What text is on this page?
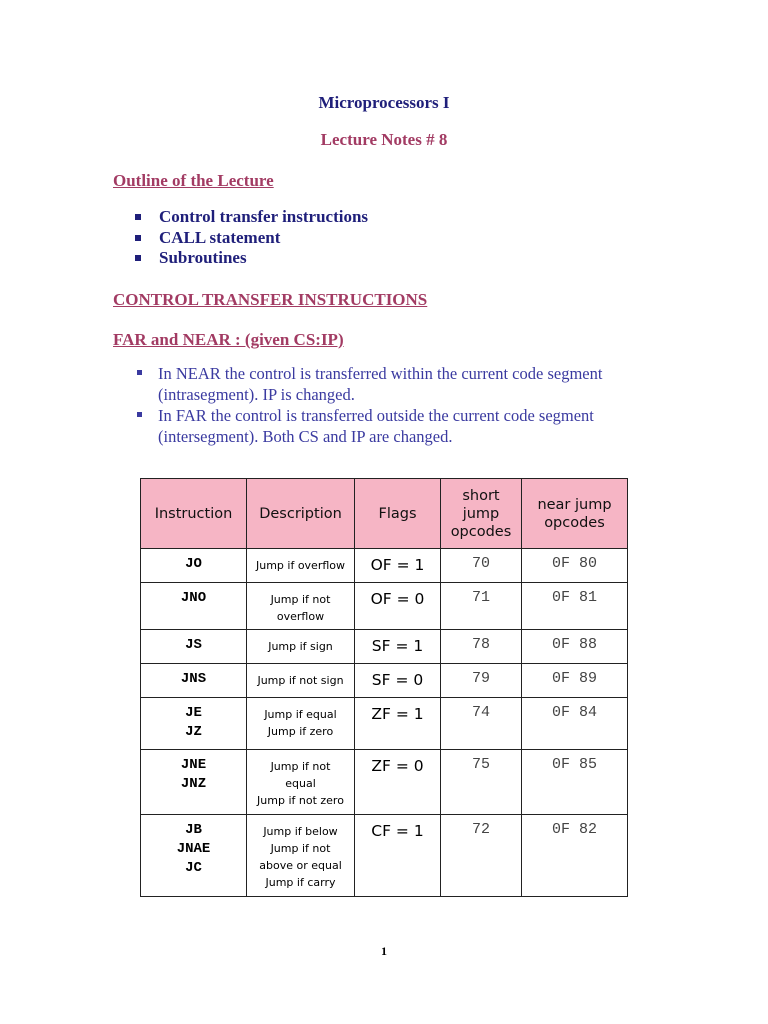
Microprocessors I
Lecture Notes # 8
Outline of the Lecture
Control transfer instructions
CALL statement
Subroutines
CONTROL TRANSFER INSTRUCTIONS
FAR and NEAR : (given CS:IP)
In NEAR the control is transferred within the current code segment (intrasegment). IP is changed.
In FAR the control is transferred outside the current code segment (intersegment). Both CS and IP are changed.
Instruction	Description	Flags	short jump opcodes	near jump opcodes

JO	Jump if overflow	OF = 1	70	0F 80

JNO	Jump if not
overflow	OF = 0	71	0F 81

JS	Jump if sign	SF = 1	78	0F 88

JNS	Jump if not sign	SF = 0	79	0F 89

JE
JZ	Jump if equal
Jump if zero	ZF = 1	74	0F 84

JNE
JNZ	Jump if not
equal
Jump if not zero	ZF = 0	75	0F 85

JB
JNAE
JC	Jump if below
Jump if not
above or equal
Jump if carry	CF = 1	72	0F 82
1
